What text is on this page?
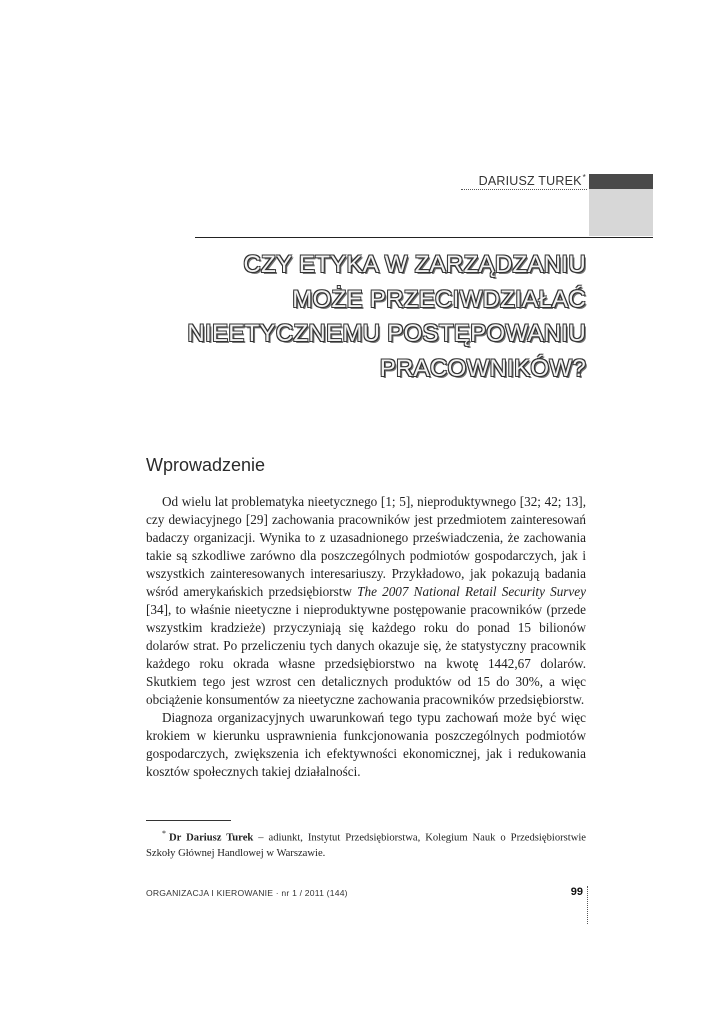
DARIUSZ TUREK*
CZY ETYKA W ZARZĄDZANIU
MOŻE PRZECIWDZIAŁAĆ
NIEETYCZNEMU POSTĘPOWANIU
PRACOWNIKÓW?
Wprowadzenie

Od wielu lat problematyka nieetycznego [1; 5], nieproduktywnego [32; 42; 13], czy dewiacyjnego [29] zachowania pracowników jest przedmiotem zainteresowań badaczy organizacji. Wynika to z uzasadnionego przeświadczenia, że zachowania takie są szkodliwe zarówno dla poszczególnych podmiotów gospodarczych, jak i wszystkich zainteresowanych interesariuszy. Przykładowo, jak pokazują badania wśród amerykańskich przedsiębiorstw The 2007 National Retail Security Survey [34], to właśnie nieetyczne i nieproduktywne postępowanie pracowników (przede wszystkim kradzieże) przyczyniają się każdego roku do ponad 15 bilionów dolarów strat. Po przeliczeniu tych danych okazuje się, że statystyczny pracownik każdego roku okrada własne przedsiębiorstwo na kwotę 1442,67 dolarów. Skutkiem tego jest wzrost cen detalicznych produktów od 15 do 30%, a więc obciążenie konsumentów za nieetyczne zachowania pracowników przedsiębiorstw.

Diagnoza organizacyjnych uwarunkowań tego typu zachowań może być więc krokiem w kierunku usprawnienia funkcjonowania poszczególnych podmiotów gospodarczych, zwiększenia ich efektywności ekonomicznej, jak i redukowania kosztów społecznych takiej działalności.

* Dr Dariusz Turek – adiunkt, Instytut Przedsiębiorstwa, Kolegium Nauk o Przedsiębiorstwie Szkoły Głównej Handlowej w Warszawie.
ORGANIZACJA I KIEROWANIE · nr 1 / 2011 (144)	99
